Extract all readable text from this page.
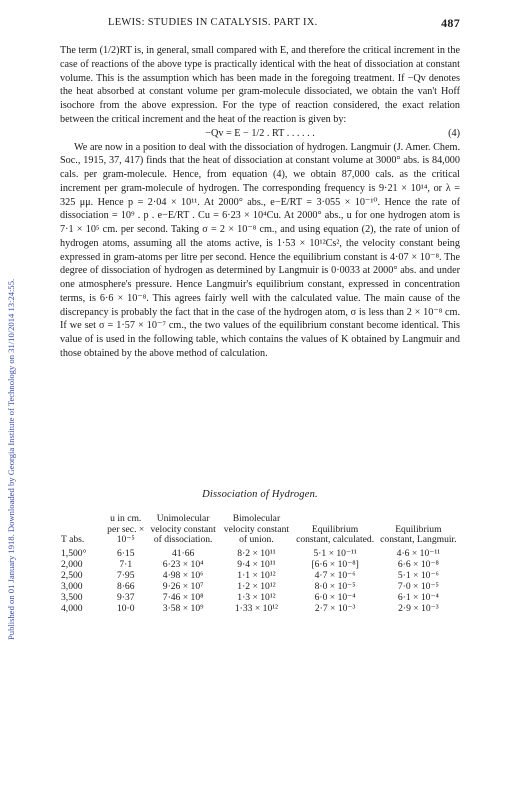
Published on 01 January 1918. Downloaded by Georgia Institute of Technology on 31/10/2014 13:24:55.
LEWIS: STUDIES IN CATALYSIS. PART IX.	487

The term (1/2)RT is, in general, small compared with E, and therefore the critical increment in the case of reactions of the above type is practically identical with the heat of dissociation at constant volume. This is the assumption which has been made in the foregoing treatment. If −Qv denotes the heat absorbed at constant volume per gram-molecule dissociated, we obtain the van't Hoff isochore from the above expression. For the type of reaction considered, the exact relation between the critical increment and the heat of the reaction is given by:

−Qv = E − 1/2 . RT . . . . . .	(4)

We are now in a position to deal with the dissociation of hydrogen. Langmuir (J. Amer. Chem. Soc., 1915, 37, 417) finds that the heat of dissociation at constant volume at 3000° abs. is 84,000 cals. per gram-molecule. Hence, from equation (4), we obtain 87,000 cals. as the critical increment per gram-molecule of hydrogen. The corresponding frequency is 9·21 × 10¹⁴, or λ = 325 μμ. Hence p = 2·04 × 10¹¹. At 2000° abs., e−E/RT = 3·055 × 10⁻¹⁰. Hence the rate of dissociation = 10⁹ . p . e−E/RT . Cu = 6·23 × 10⁴Cu. At 2000° abs., u for one hydrogen atom is 7·1 × 10⁵ cm. per second. Taking σ = 2 × 10⁻⁸ cm., and using equation (2), the rate of union of hydrogen atoms, assuming all the atoms active, is 1·53 × 10¹²Cs², the velocity constant being expressed in gram-atoms per litre per second. Hence the equilibrium constant is 4·07 × 10⁻⁸. The degree of dissociation of hydrogen as determined by Langmuir is 0·0033 at 2000° abs. and under one atmosphere's pressure. Hence Langmuir's equilibrium constant, expressed in concentration terms, is 6·6 × 10⁻⁸. This agrees fairly well with the calculated value. The main cause of the discrepancy is probably the fact that in the case of the hydrogen atom, σ is less than 2 × 10⁻⁸ cm. If we set σ = 1·57 × 10⁻⁷ cm., the two values of the equilibrium constant become identical. This value of is used in the following table, which contains the values of K obtained by Langmuir and those obtained by the above method of calculation.

Dissociation of Hydrogen.
T abs.	u in cm. per sec. × 10⁻⁵	Unimolecular velocity constant of dissociation.	Bimolecular velocity constant of union.	Equilibrium constant, calculated.	Equilibrium constant, Langmuir.
1,500°	6·15	41·66	8·2 × 10¹¹	5·1 × 10⁻¹¹	4·6 × 10⁻¹¹
2,000	7·1	6·23 × 10⁴	9·4 × 10¹¹	[6·6 × 10⁻⁸]	6·6 × 10⁻⁸
2,500	7·95	4·98 × 10⁶	1·1 × 10¹²	4·7 × 10⁻⁶	5·1 × 10⁻⁶
3,000	8·66	9·26 × 10⁷	1·2 × 10¹²	8·0 × 10⁻⁵	7·0 × 10⁻⁵
3,500	9·37	7·46 × 10⁸	1·3 × 10¹²	6·0 × 10⁻⁴	6·1 × 10⁻⁴
4,000	10·0	3·58 × 10⁹	1·33 × 10¹²	2·7 × 10⁻³	2·9 × 10⁻³
